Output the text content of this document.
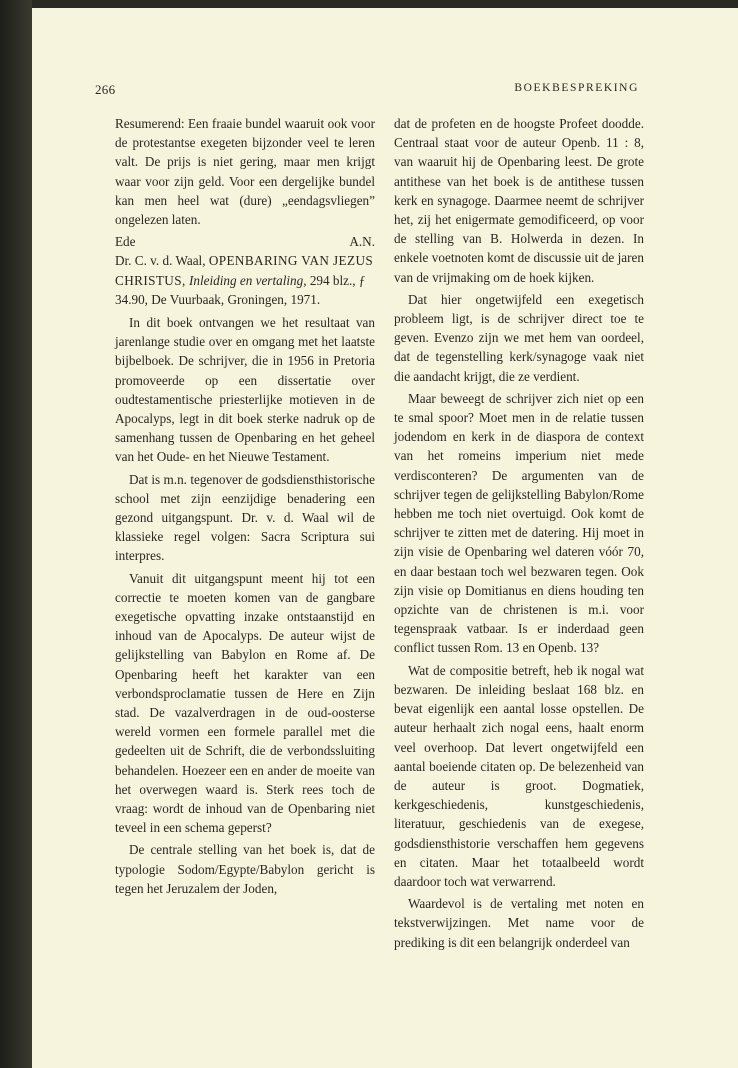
266	BOEKBESPREKING

Resumerend: Een fraaie bundel waaruit ook voor de protestantse exegeten bijzonder veel te leren valt. De prijs is niet gering, maar men krijgt waar voor zijn geld. Voor een dergelijke bundel kan men heel wat (dure) „eendagsvliegen” ongelezen laten.

Ede	A.N.

Dr. C. v. d. Waal, OPENBARING VAN JEZUS CHRISTUS, Inleiding en vertaling, 294 blz., ƒ 34.90, De Vuurbaak, Groningen, 1971.

In dit boek ontvangen we het resultaat van jarenlange studie over en omgang met het laatste bijbelboek. De schrijver, die in 1956 in Pretoria promoveerde op een dissertatie over oudtestamentische priesterlijke motieven in de Apocalyps, legt in dit boek sterke nadruk op de samenhang tussen de Openbaring en het geheel van het Oude- en het Nieuwe Testament.

Dat is m.n. tegenover de godsdiensthistorische school met zijn eenzijdige benadering een gezond uitgangspunt. Dr. v. d. Waal wil de klassieke regel volgen: Sacra Scriptura sui interpres.

Vanuit dit uitgangspunt meent hij tot een correctie te moeten komen van de gangbare exegetische opvatting inzake ontstaanstijd en inhoud van de Apocalyps. De auteur wijst de gelijkstelling van Babylon en Rome af. De Openbaring heeft het karakter van een verbondsproclamatie tussen de Here en Zijn stad. De vazalverdragen in de oud-oosterse wereld vormen een formele parallel met die gedeelten uit de Schrift, die de verbondssluiting behandelen. Hoezeer een en ander de moeite van het overwegen waard is. Sterk rees toch de vraag: wordt de inhoud van de Openbaring niet teveel in een schema geperst?

De centrale stelling van het boek is, dat de typologie Sodom/Egypte/Babylon gericht is tegen het Jeruzalem der Joden,

dat de profeten en de hoogste Profeet doodde. Centraal staat voor de auteur Openb. 11 : 8, van waaruit hij de Openbaring leest. De grote antithese van het boek is de antithese tussen kerk en synagoge. Daarmee neemt de schrijver het, zij het enigermate gemodificeerd, op voor de stelling van B. Holwerda in dezen. In enkele voetnoten komt de discussie uit de jaren van de vrijmaking om de hoek kijken.

Dat hier ongetwijfeld een exegetisch probleem ligt, is de schrijver direct toe te geven. Evenzo zijn we met hem van oordeel, dat de tegenstelling kerk/synagoge vaak niet die aandacht krijgt, die ze verdient.

Maar beweegt de schrijver zich niet op een te smal spoor? Moet men in de relatie tussen jodendom en kerk in de diaspora de context van het romeins imperium niet mede verdisconteren? De argumenten van de schrijver tegen de gelijkstelling Babylon/Rome hebben me toch niet overtuigd. Ook komt de schrijver te zitten met de datering. Hij moet in zijn visie de Openbaring wel dateren vóór 70, en daar bestaan toch wel bezwaren tegen. Ook zijn visie op Domitianus en diens houding ten opzichte van de christenen is m.i. voor tegenspraak vatbaar. Is er inderdaad geen conflict tussen Rom. 13 en Openb. 13?

Wat de compositie betreft, heb ik nogal wat bezwaren. De inleiding beslaat 168 blz. en bevat eigenlijk een aantal losse opstellen. De auteur herhaalt zich nogal eens, haalt enorm veel overhoop. Dat levert ongetwijfeld een aantal boeiende citaten op. De belezenheid van de auteur is groot. Dogmatiek, kerkgeschiedenis, kunstgeschiedenis, literatuur, geschiedenis van de exegese, godsdiensthistorie verschaffen hem gegevens en citaten. Maar het totaalbeeld wordt daardoor toch wat verwarrend.

Waardevol is de vertaling met noten en tekstverwijzingen. Met name voor de prediking is dit een belangrijk onderdeel van
